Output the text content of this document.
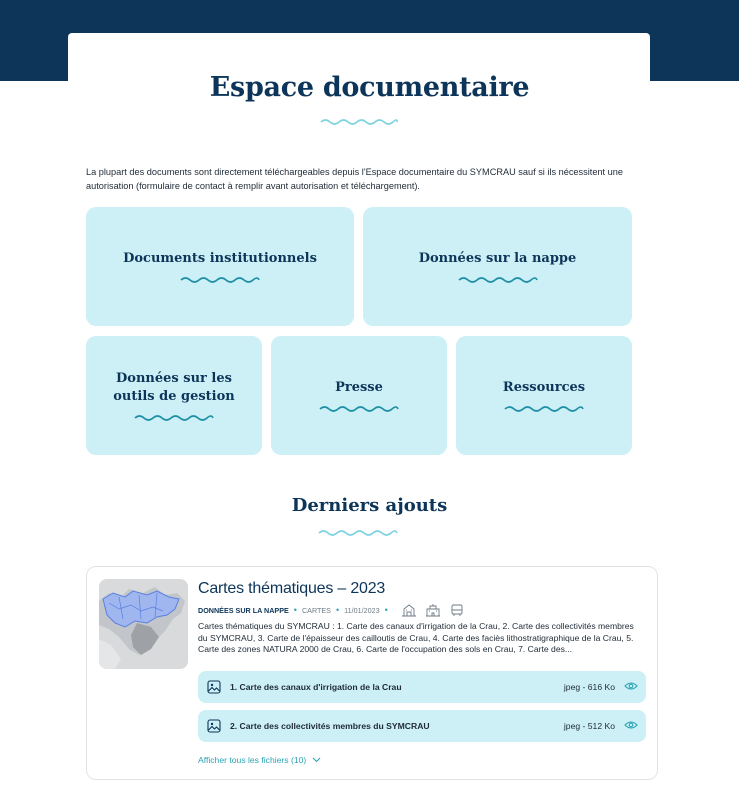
Espace documentaire

La plupart des documents sont directement téléchargeables depuis l'Espace documentaire du SYMCRAU sauf si ils nécessitent une autorisation (formulaire de contact à remplir avant autorisation et téléchargement).

Documents institutionnels	Données sur la nappe
Données sur les outils de gestion
Presse	Ressources
Derniers ajouts
Cartes thématiques – 2023
DONNÉES SUR LA NAPPE • CARTES • 11/01/2023 •

Cartes thématiques du SYMCRAU : 1. Carte des canaux d'irrigation de la Crau, 2. Carte des collectivités membres du SYMCRAU, 3. Carte de l'épaisseur des cailloutis de Crau, 4. Carte des faciès lithostratigraphique de la Crau, 5. Carte des zones NATURA 2000 de Crau, 6. Carte de l'occupation des sols en Crau, 7. Carte des...

1. Carte des canaux d'irrigation de la Crau	jpeg - 616 Ko
2. Carte des collectivités membres du SYMCRAU	jpeg - 512 Ko
Afficher tous les fichiers (10)
